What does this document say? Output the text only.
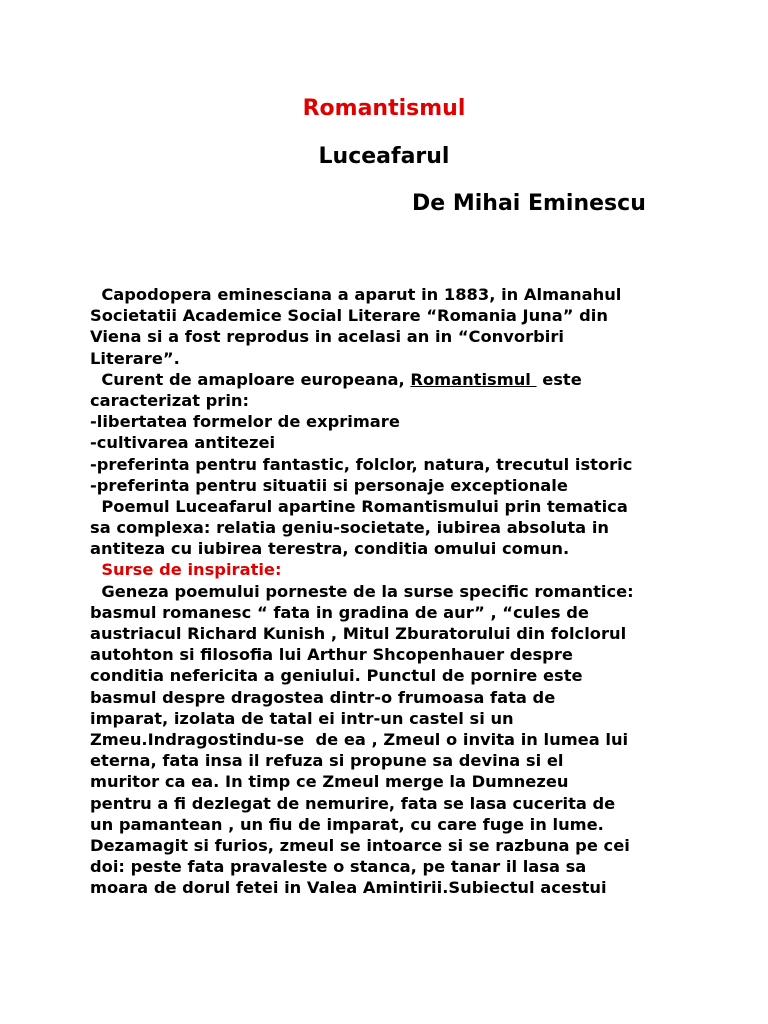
Romantismul
Luceafarul
De Mihai Eminescu
Capodopera eminesciana a aparut in 1883, in Almanahul
Societatii Academice Social Literare “Romania Juna” din
Viena si a fost reprodus in acelasi an in “Convorbiri
Literare”.
Curent de amaploare europeana, Romantismul  este
caracterizat prin:
-libertatea formelor de exprimare
-cultivarea antitezei
-preferinta pentru fantastic, folclor, natura, trecutul istoric
-preferinta pentru situatii si personaje exceptionale
Poemul Luceafarul apartine Romantismului prin tematica
sa complexa: relatia geniu-societate, iubirea absoluta in
antiteza cu iubirea terestra, conditia omului comun.
Surse de inspiratie:
Geneza poemului porneste de la surse specific romantice:
basmul romanesc “ fata in gradina de aur” , “cules de
austriacul Richard Kunish , Mitul Zburatorului din folclorul
autohton si filosofia lui Arthur Shcopenhauer despre
conditia nefericita a geniului. Punctul de pornire este
basmul despre dragostea dintr-o frumoasa fata de
imparat, izolata de tatal ei intr-un castel si un
Zmeu.Indragostindu-se  de ea , Zmeul o invita in lumea lui
eterna, fata insa il refuza si propune sa devina si el
muritor ca ea. In timp ce Zmeul merge la Dumnezeu
pentru a fi dezlegat de nemurire, fata se lasa cucerita de
un pamantean , un fiu de imparat, cu care fuge in lume.
Dezamagit si furios, zmeul se intoarce si se razbuna pe cei
doi: peste fata pravaleste o stanca, pe tanar il lasa sa
moara de dorul fetei in Valea Amintirii.Subiectul acestui
